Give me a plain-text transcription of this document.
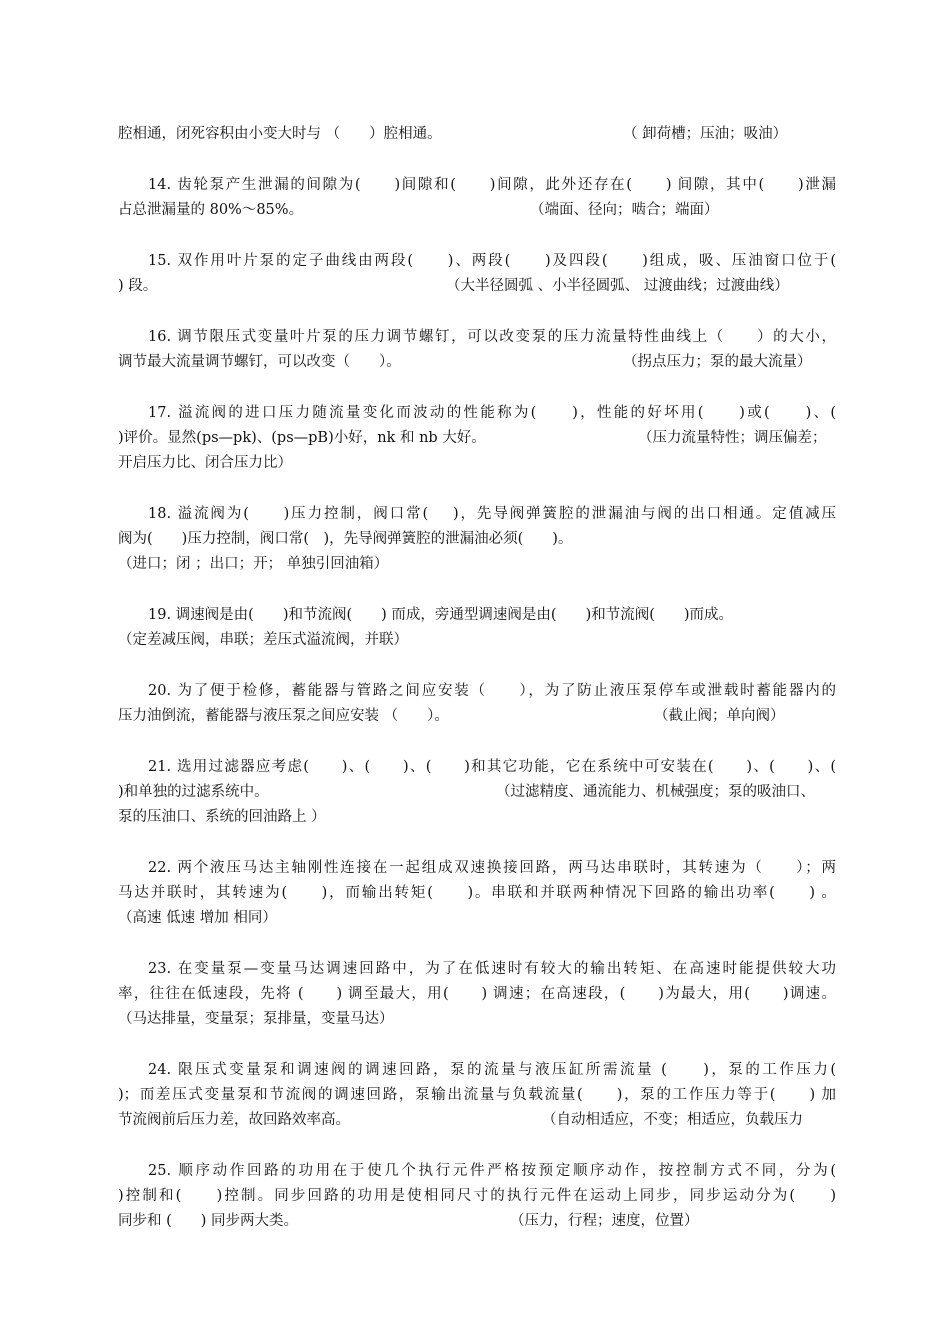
腔相通，闭死容积由小变大时与 （　　）腔相通。	（ 卸荷槽；压油；吸油）
14. 齿轮泵产生泄漏的间隙为(　　)间隙和(　　)间隙，此外还存在(　　) 间隙，其中(　　)泄漏
占总泄漏量的 80%～85%。	（端面、径向；啮合；端面）
15. 双作用叶片泵的定子曲线由两段(　　)、两段(　　)及四段(　　)组成，吸、压油窗口位于(
) 段。	（大半径圆弧 、小半径圆弧、 过渡曲线；过渡曲线）
16. 调节限压式变量叶片泵的压力调节螺钉，可以改变泵的压力流量特性曲线上（　　）的大小，
调节最大流量调节螺钉，可以改变（　　）。	（拐点压力；泵的最大流量）
17. 溢流阀的进口压力随流量变化而波动的性能称为(　　)，性能的好坏用(　　)或(　　)、(
)评价。显然(ps—pk)、(ps—pB)小好，nk 和 nb 大好。	（压力流量特性；调压偏差；
开启压力比、闭合压力比）
18. 溢流阀为(　　)压力控制，阀口常(　 )，先导阀弹簧腔的泄漏油与阀的出口相通。定值减压
阀为(　　)压力控制，阀口常(　)，先导阀弹簧腔的泄漏油必须(　　)。
（进口；闭 ；出口；开； 单独引回油箱）
19. 调速阀是由(　　)和节流阀(　　) 而成，旁通型调速阀是由(　　)和节流阀(　　)而成。
（定差减压阀，串联；差压式溢流阀，并联）
20. 为了便于检修，蓄能器与管路之间应安装（　　），为了防止液压泵停车或泄载时蓄能器内的
压力油倒流，蓄能器与液压泵之间应安装 （　　）。	（截止阀；单向阀）
21. 选用过滤器应考虑(　　)、(　　)、(　　)和其它功能，它在系统中可安装在(　　)、(　　)、(
)和单独的过滤系统中。	（过滤精度、通流能力、机械强度；泵的吸油口、
泵的压油口、系统的回油路上 ）
22. 两个液压马达主轴刚性连接在一起组成双速换接回路，两马达串联时，其转速为（　　）；两
马达并联时，其转速为(　　)，而输出转矩(　　)。串联和并联两种情况下回路的输出功率(　　) 。
（高速 低速 增加 相同）
23. 在变量泵—变量马达调速回路中，为了在低速时有较大的输出转矩、在高速时能提供较大功
率，往往在低速段，先将 (　　) 调至最大，用(　　) 调速；在高速段，(　　)为最大，用(　　)调速。
（马达排量，变量泵；泵排量，变量马达）
24. 限压式变量泵和调速阀的调速回路，泵的流量与液压缸所需流量 (　　)，泵的工作压力(
)；而差压式变量泵和节流阀的调速回路，泵输出流量与负载流量(　　)，泵的工作压力等于(　　) 加
节流阀前后压力差，故回路效率高。	（自动相适应，不变；相适应，负载压力
25. 顺序动作回路的功用在于使几个执行元件严格按预定顺序动作，按控制方式不同，分为(
)控制和(　　)控制。同步回路的功用是使相同尺寸的执行元件在运动上同步，同步运动分为(　　)
同步和 (　　) 同步两大类。	（压力，行程；速度，位置）
